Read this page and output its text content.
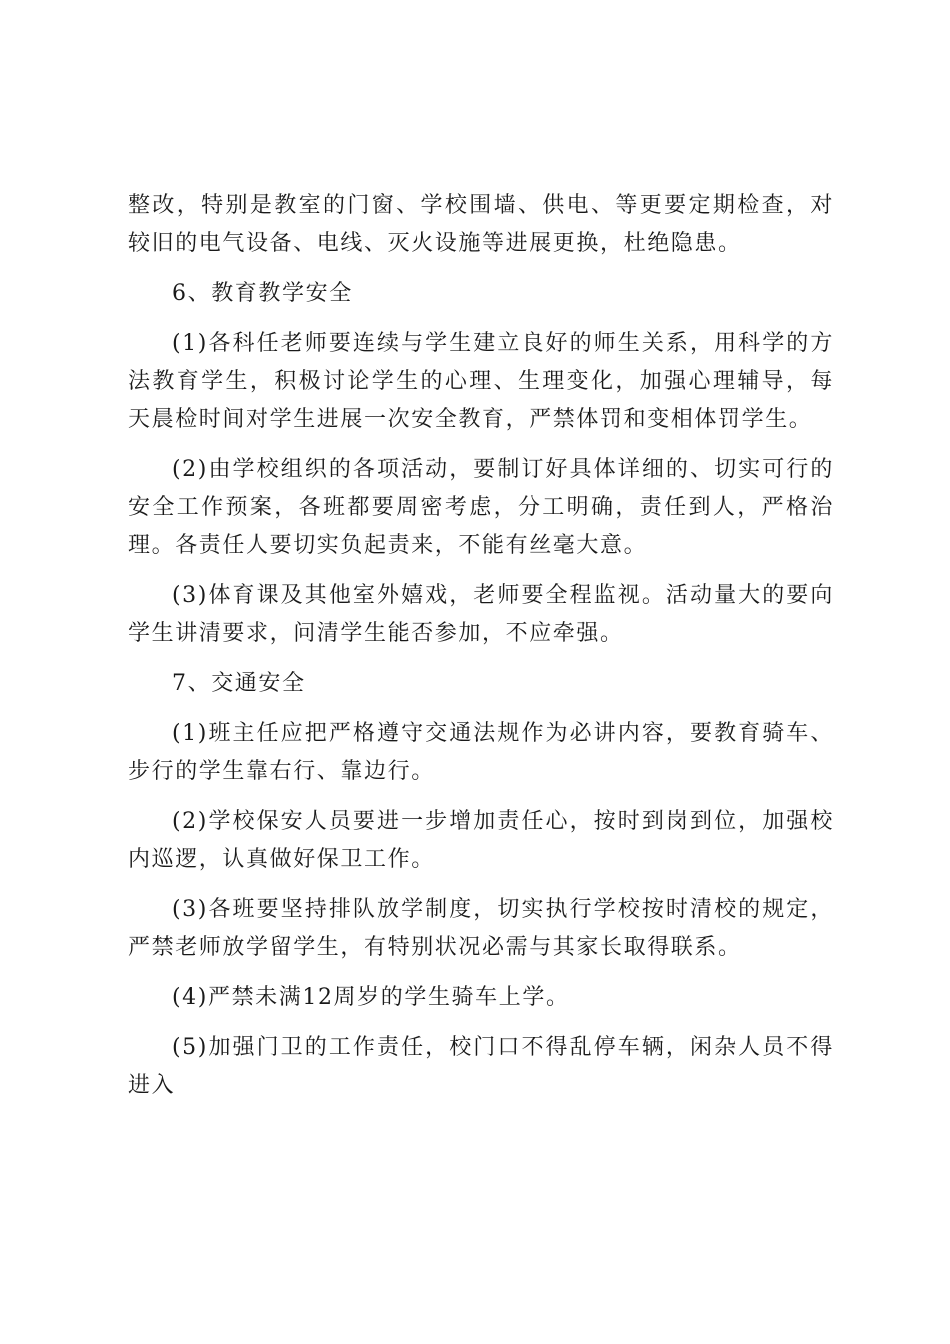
整改，特别是教室的门窗、学校围墙、供电、等更要定期检查，对较旧的电气设备、电线、灭火设施等进展更换，杜绝隐患。

6、教育教学安全

(1)各科任老师要连续与学生建立良好的师生关系，用科学的方法教育学生，积极讨论学生的心理、生理变化，加强心理辅导，每天晨检时间对学生进展一次安全教育，严禁体罚和变相体罚学生。

(2)由学校组织的各项活动，要制订好具体详细的、切实可行的安全工作预案，各班都要周密考虑，分工明确，责任到人，严格治理。各责任人要切实负起责来，不能有丝毫大意。

(3)体育课及其他室外嬉戏，老师要全程监视。活动量大的要向学生讲清要求，问清学生能否参加，不应牵强。

7、交通安全

(1)班主任应把严格遵守交通法规作为必讲内容，要教育骑车、步行的学生靠右行、靠边行。

(2)学校保安人员要进一步增加责任心，按时到岗到位，加强校内巡逻，认真做好保卫工作。

(3)各班要坚持排队放学制度，切实执行学校按时清校的规定，严禁老师放学留学生，有特别状况必需与其家长取得联系。

(4)严禁未满12周岁的学生骑车上学。

(5)加强门卫的工作责任，校门口不得乱停车辆，闲杂人员不得进入
